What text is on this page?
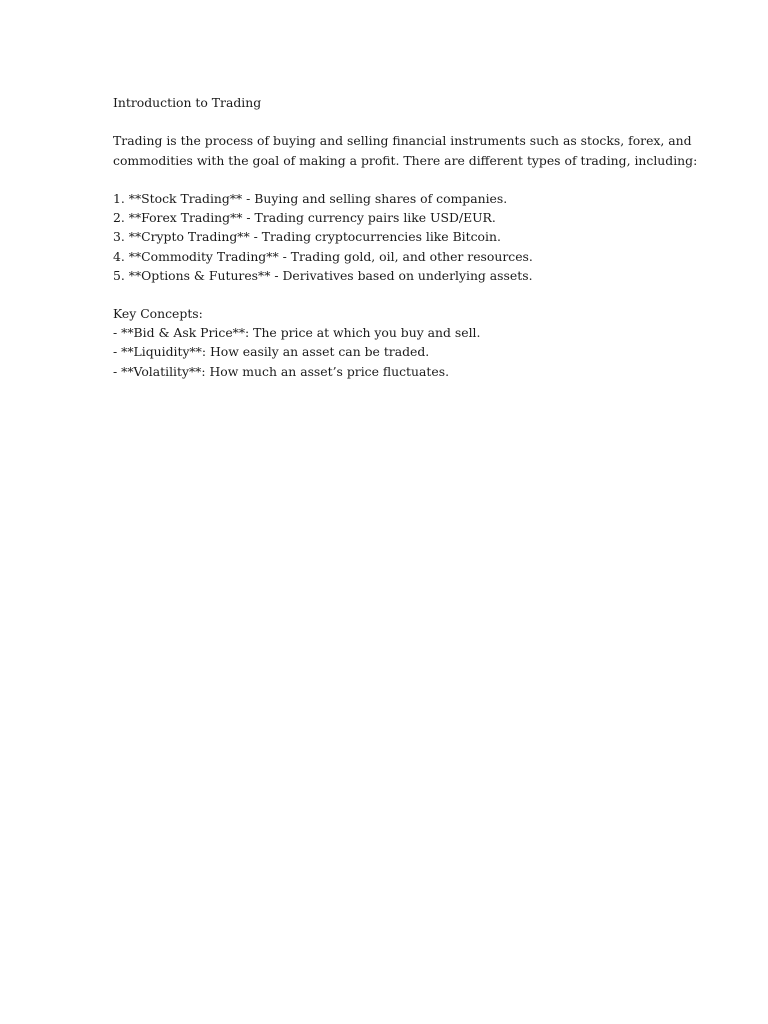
Introduction to Trading
Trading is the process of buying and selling financial instruments such as stocks, forex, and
commodities with the goal of making a profit. There are different types of trading, including:
1. **Stock Trading** - Buying and selling shares of companies.
2. **Forex Trading** - Trading currency pairs like USD/EUR.
3. **Crypto Trading** - Trading cryptocurrencies like Bitcoin.
4. **Commodity Trading** - Trading gold, oil, and other resources.
5. **Options & Futures** - Derivatives based on underlying assets.
Key Concepts:
- **Bid & Ask Price**: The price at which you buy and sell.
- **Liquidity**: How easily an asset can be traded.
- **Volatility**: How much an asset’s price fluctuates.
